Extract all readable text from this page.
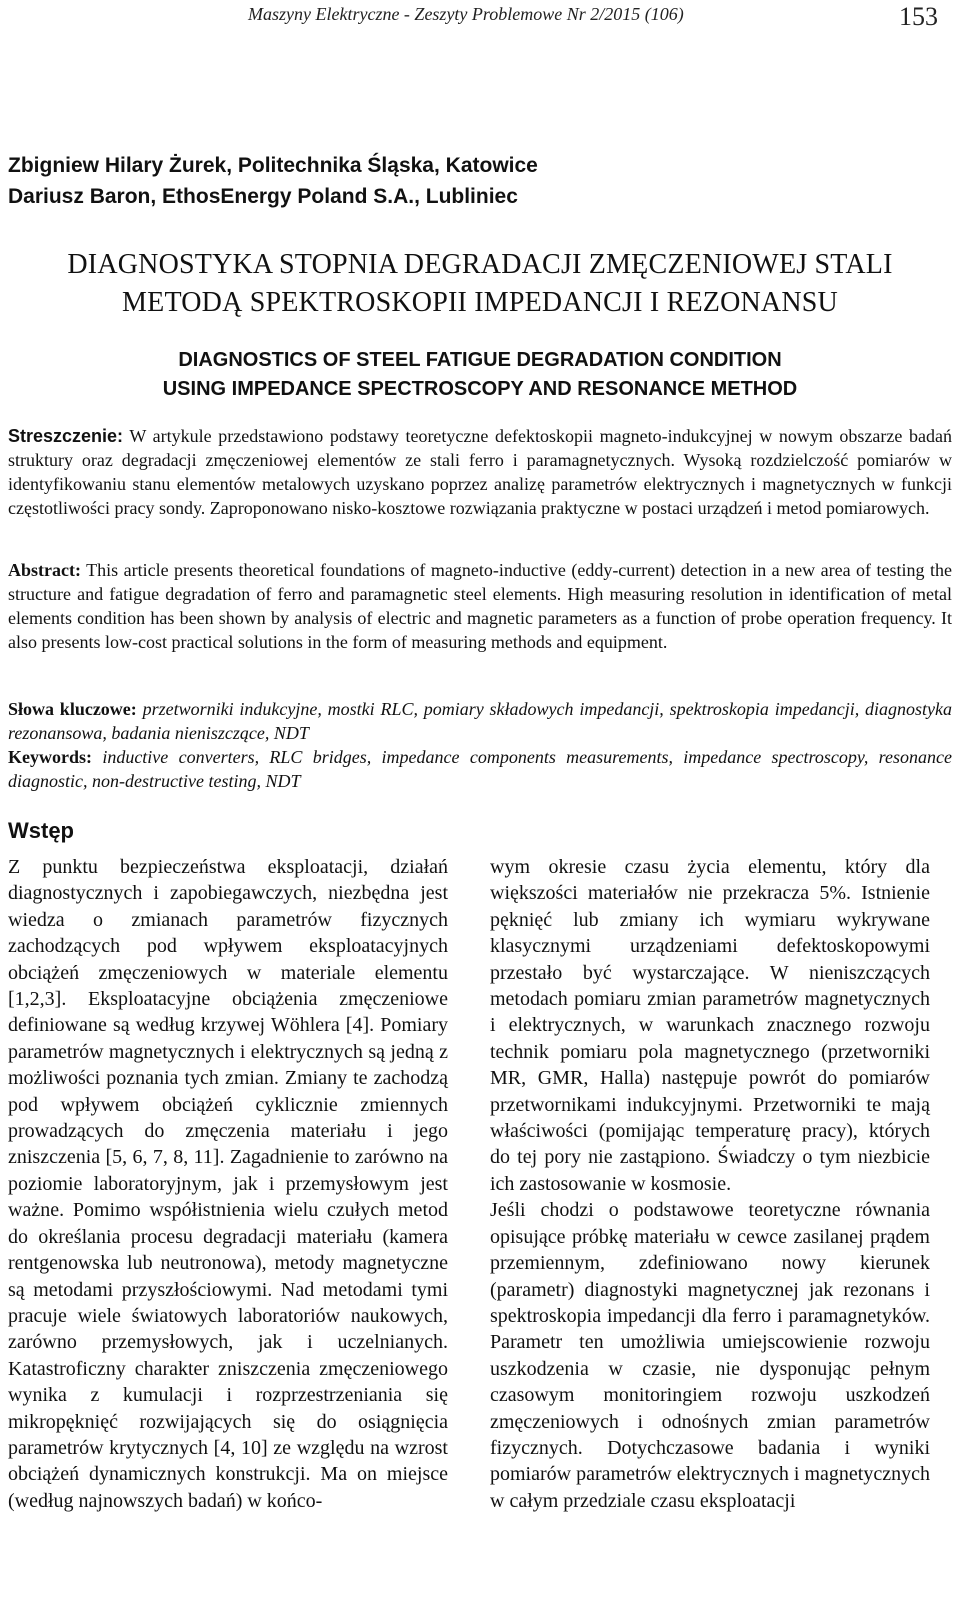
Maszyny Elektryczne - Zeszyty Problemowe Nr 2/2015 (106)	153
Zbigniew Hilary Żurek, Politechnika Śląska, Katowice
Dariusz Baron, EthosEnergy Poland S.A., Lubliniec
DIAGNOSTYKA STOPNIA DEGRADACJI ZMĘCZENIOWEJ STALI
METODĄ SPEKTROSKOPII IMPEDANCJI I REZONANSU
DIAGNOSTICS OF STEEL FATIGUE DEGRADATION CONDITION
USING IMPEDANCE SPECTROSCOPY AND RESONANCE METHOD
Streszczenie: W artykule przedstawiono podstawy teoretyczne defektoskopii magneto-indukcyjnej w nowym obszarze badań struktury oraz degradacji zmęczeniowej elementów ze stali ferro i paramagnetycznych. Wysoką rozdzielczość pomiarów w identyfikowaniu stanu elementów metalowych uzyskano poprzez analizę parametrów elektrycznych i magnetycznych w funkcji częstotliwości pracy sondy. Zaproponowano nisko-kosztowe rozwiązania praktyczne w postaci urządzeń i metod pomiarowych.
Abstract: This article presents theoretical foundations of magneto-inductive (eddy-current) detection in a new area of testing the structure and fatigue degradation of ferro and paramagnetic steel elements. High measuring resolution in identification of metal elements condition has been shown by analysis of electric and magnetic parameters as a function of probe operation frequency. It also presents low-cost practical solutions in the form of measuring methods and equipment.
Słowa kluczowe: przetworniki indukcyjne, mostki RLC, pomiary składowych impedancji, spektroskopia impedancji, diagnostyka rezonansowa, badania nieniszczące, NDT
Keywords: inductive converters, RLC bridges, impedance components measurements, impedance spectroscopy, resonance diagnostic, non-destructive testing, NDT
Wstęp

Z punktu bezpieczeństwa eksploatacji, działań diagnostycznych i zapobiegawczych, niezbędna jest wiedza o zmianach parametrów fizycznych zachodzących pod wpływem eksploatacyjnych obciążeń zmęczeniowych w materiale elementu [1,2,3]. Eksploatacyjne obciążenia zmęczeniowe definiowane są według krzywej Wöhlera [4]. Pomiary parametrów magnetycznych i elektrycznych są jedną z możliwości poznania tych zmian. Zmiany te zachodzą pod wpływem obciążeń cyklicznie zmiennych prowadzących do zmęczenia materiału i jego zniszczenia [5, 6, 7, 8, 11]. Zagadnienie to zarówno na poziomie laboratoryjnym, jak i przemysłowym jest ważne. Pomimo współistnienia wielu czułych metod do określania procesu degradacji materiału (kamera rentgenowska lub neutronowa), metody magnetyczne są metodami przyszłościowymi. Nad metodami tymi pracuje wiele światowych laboratoriów naukowych, zarówno przemysłowych, jak i uczelnianych. Katastroficzny charakter zniszczenia zmęczeniowego wynika z kumulacji i rozprzestrzeniania się mikropęknięć rozwijających się do osiągnięcia parametrów krytycznych [4, 10] ze względu na wzrost obciążeń dynamicznych konstrukcji. Ma on miejsce (według najnowszych badań) w końco-

wym okresie czasu życia elementu, który dla większości materiałów nie przekracza 5%. Istnienie pęknięć lub zmiany ich wymiaru wykrywane klasycznymi urządzeniami defektoskopowymi przestało być wystarczające. W nieniszczących metodach pomiaru zmian parametrów magnetycznych i elektrycznych, w warunkach znacznego rozwoju technik pomiaru pola magnetycznego (przetworniki MR, GMR, Halla) następuje powrót do pomiarów przetwornikami indukcyjnymi. Przetworniki te mają właściwości (pomijając temperaturę pracy), których do tej pory nie zastąpiono. Świadczy o tym niezbicie ich zastosowanie w kosmosie.

Jeśli chodzi o podstawowe teoretyczne równania opisujące próbkę materiału w cewce zasilanej prądem przemiennym, zdefiniowano nowy kierunek (parametr) diagnostyki magnetycznej jak rezonans i spektroskopia impedancji dla ferro i paramagnetyków. Parametr ten umożliwia umiejscowienie rozwoju uszkodzenia w czasie, nie dysponując pełnym czasowym monitoringiem rozwoju uszkodzeń zmęczeniowych i odnośnych zmian parametrów fizycznych. Dotychczasowe badania i wyniki pomiarów parametrów elektrycznych i magnetycznych w całym przedziale czasu eksploatacji
